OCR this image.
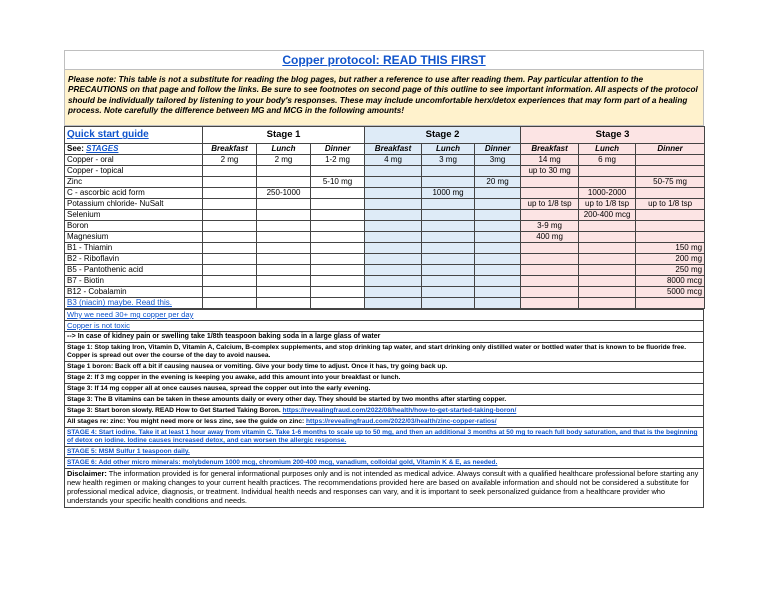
Copper protocol: READ THIS FIRST
Please note: This table is not a substitute for reading the blog pages, but rather a reference to use after reading them. Pay particular attention to the PRECAUTIONS on that page and follow the links. Be sure to see footnotes on second page of this outline to see important information. All aspects of the protocol should be individually tailored by listening to your body's responses. These may include uncomfortable herx/detox experiences that may form part of a healing process. Note carefully the difference between MG and MCG in the following amounts!
Quick start guide	Stage 1			Stage 2			Stage 3		
See: STAGES	Breakfast	Lunch	Dinner	Breakfast	Lunch	Dinner	Breakfast	Lunch	Dinner
Copper - oral	2 mg	2 mg	1-2 mg	4 mg	3 mg	3mg	14 mg	6 mg	
Copper - topical							up to 30 mg		
Zinc			5-10 mg			20 mg			50-75 mg
C - ascorbic acid form		250-1000			1000 mg			1000-2000	
Potassium chloride- NuSalt							up to 1/8 tsp	up to 1/8 tsp	up to 1/8 tsp
Selenium								200-400 mcg	
Boron							3-9 mg		
Magnesium							400 mg		
B1 - Thiamin									150 mg
B2 - Riboflavin									200 mg
B5 - Pantothenic acid									250 mg
B7 - Biotin									8000 mcg
B12 - Cobalamin									5000 mcg
B3 (niacin) maybe. Read this.									
Why we need 30+ mg copper per day
Copper is not toxic
--> In case of kidney pain or swelling take 1/8th teaspoon baking soda in a large glass of water
Stage 1: Stop taking Iron, Vitamin D, Vitamin A, Calcium, B-complex supplements, and stop drinking tap water, and start drinking only distilled water or bottled water that is known to be fluoride free. Copper is spread out over the course of the day to avoid nausea.
Stage 1 boron: Back off a bit if causing nausea or vomiting. Give your body time to adjust. Once it has, try going back up.
Stage 2: If 3 mg copper in the evening is keeping you awake, add this amount into your breakfast or lunch.
Stage 3: If 14 mg copper all at once causes nausea, spread the copper out into the early evening.
Stage 3: The B vitamins can be taken in these amounts daily or every other day. They should be started by two months after starting copper.
Stage 3: Start boron slowly. READ How to Get Started Taking Boron. https://revealingfraud.com/2022/08/health/how-to-get-started-taking-boron/
All stages re: zinc: You might need more or less zinc, see the guide on zinc: https://revealingfraud.com/2022/03/health/zinc-copper-ratios/
STAGE 4: Start iodine. Take it at least 1 hour away from vitamin C. Take 1-6 months to scale up to 50 mg, and then an additional 3 months at 50 mg to reach full body saturation, and that is the beginning of detox on iodine. Iodine causes increased detox, and can worsen the allergic response.
STAGE 5: MSM Sulfur 1 teaspoon daily.
STAGE 6: Add other micro minerals: molybdenum 1000 mcg, chromium 200-400 mcg, vanadium, colloidal gold, Vitamin K & E, as needed.
Disclaimer: The information provided is for general informational purposes only and is not intended as medical advice. Always consult with a qualified healthcare professional before starting any new health regimen or making changes to your current health practices. The recommendations provided here are based on available information and should not be considered a substitute for professional medical advice, diagnosis, or treatment. Individual health needs and responses can vary, and it is important to seek personalized guidance from a healthcare provider who understands your specific health conditions and needs.
